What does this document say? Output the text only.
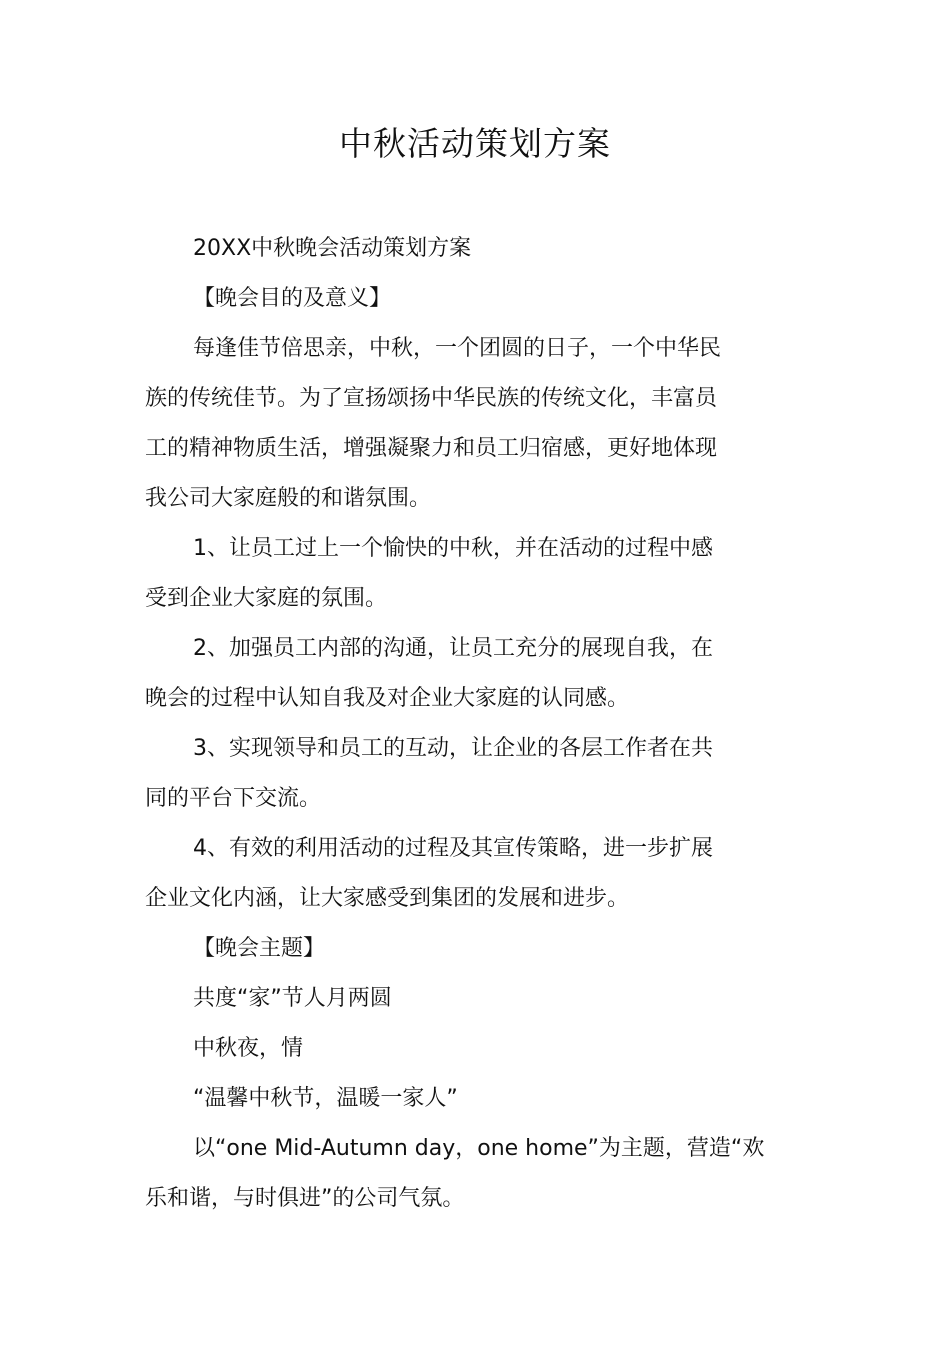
中秋活动策划方案

20XX中秋晚会活动策划方案

【晚会目的及意义】

每逢佳节倍思亲，中秋，一个团圆的日子，一个中华民

族的传统佳节。为了宣扬颂扬中华民族的传统文化，丰富员

工的精神物质生活，增强凝聚力和员工归宿感，更好地体现

我公司大家庭般的和谐氛围。

1、让员工过上一个愉快的中秋，并在活动的过程中感

受到企业大家庭的氛围。

2、加强员工内部的沟通，让员工充分的展现自我，在

晚会的过程中认知自我及对企业大家庭的认同感。

3、实现领导和员工的互动，让企业的各层工作者在共

同的平台下交流。

4、有效的利用活动的过程及其宣传策略，进一步扩展

企业文化内涵，让大家感受到集团的发展和进步。

【晚会主题】

共度“家”节人月两圆

中秋夜，情

“温馨中秋节，温暖一家人”

以“one Mid-Autumn day，one home”为主题，营造“欢

乐和谐，与时俱进”的公司气氛。
